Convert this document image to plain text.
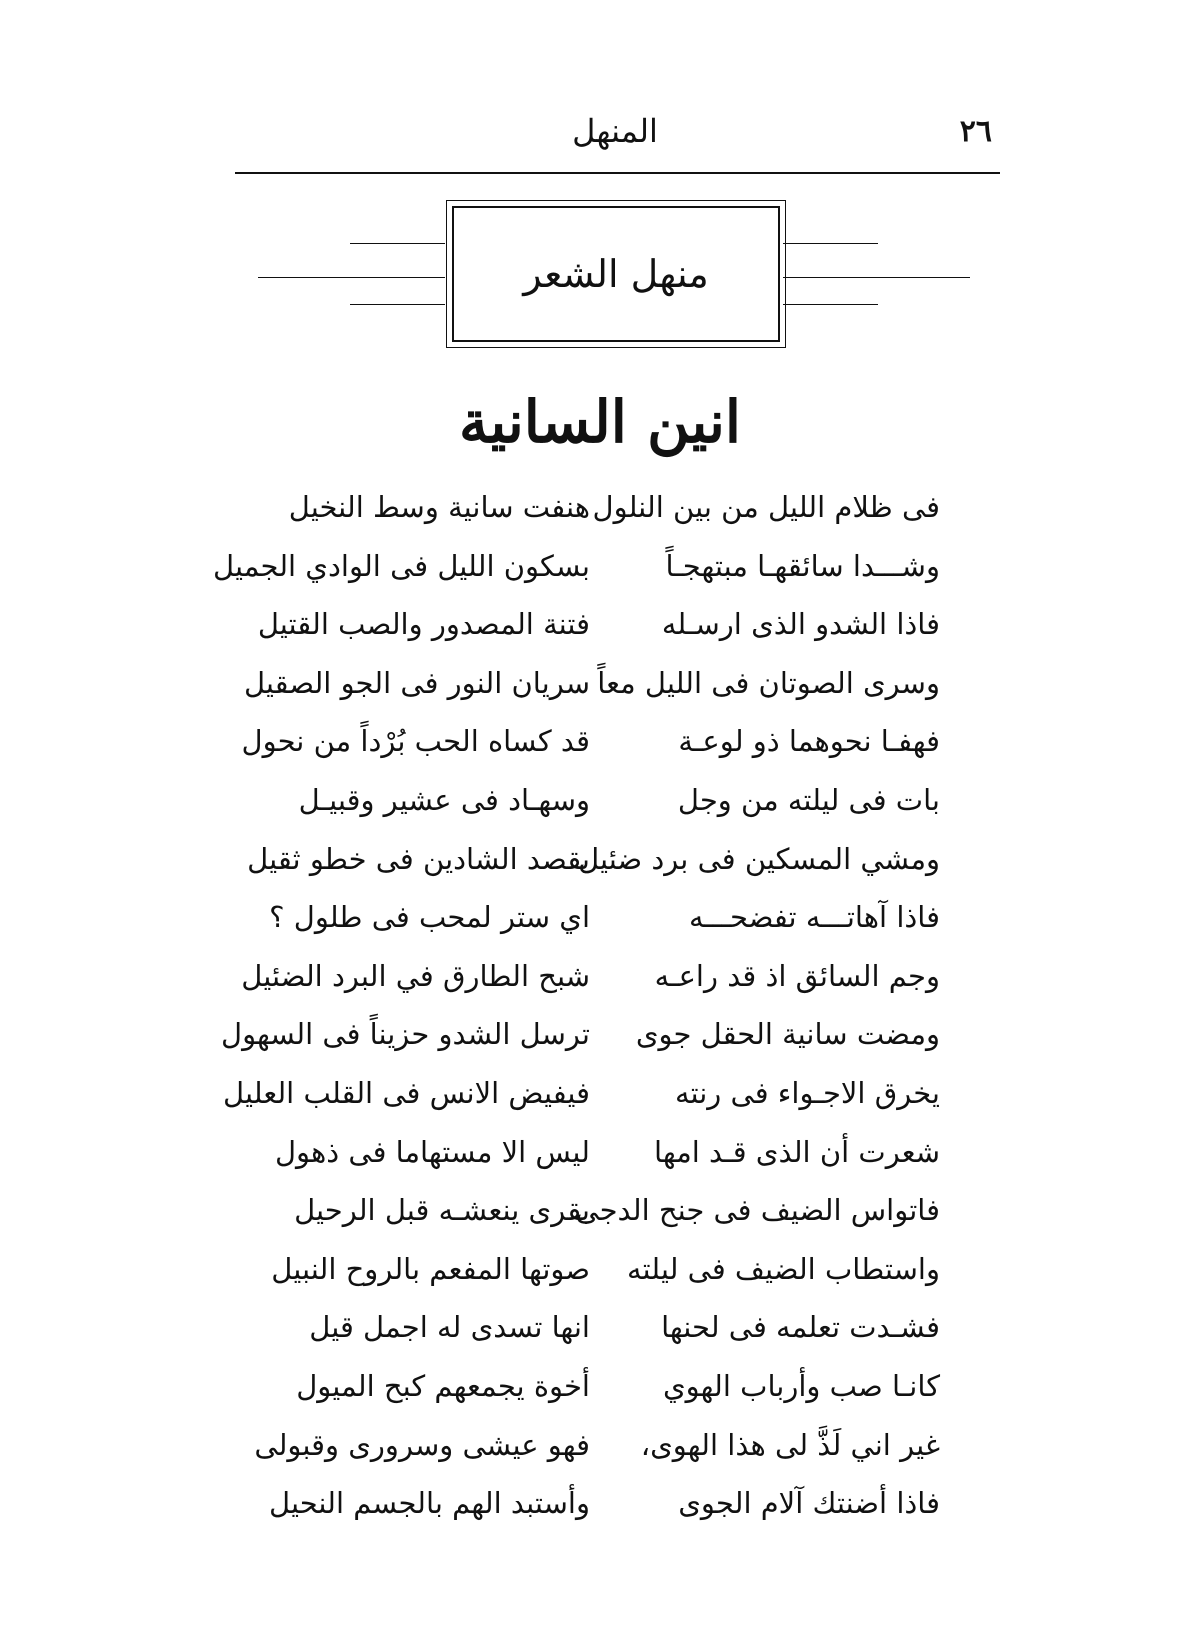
٢٦
المنهل
منهل الشعر
انين السانية
فى ظلام الليل من بين النلول
هنفت سانية وسط النخيل
وشـــدا سائقهـا مبتهجـاً
بسكون الليل فى الوادي الجميل
فاذا الشدو الذى ارسـله
فتنة المصدور والصب القتيل
وسرى الصوتان فى الليل معاً
سريان النور فى الجو الصقيل
فهفـا نحوهما ذو لوعـة
قد كساه الحب بُرْداً من نحول
بات فى ليلته من وجل
وسهـاد فى عشير وقبيـل
ومشي المسكين فى برد ضئيل
يقصد الشادين فى خطو ثقيل
فاذا آهاتـــه تفضحـــه
اي ستر لمحب فى طلول ؟
وجم السائق اذ قد راعـه
شبح الطارق في البرد الضئيل
ومضت سانية الحقل جوى
ترسل الشدو حزيناً فى السهول
يخرق الاجـواء فى رنته
فيفيض الانس فى القلب العليل
شعرت أن الذى قـد امها
ليس الا مستهاما فى ذهول
فاتواس الضيف فى جنح الدجى
بقرى ينعشـه قبل الرحيل
واستطاب الضيف فى ليلته
صوتها المفعم بالروح النبيل
فشـدت تعلمه فى لحنها
انها تسدى له اجمل قيل
كانـا صب وأرباب الهوي
أخوة يجمعهم كبح الميول
غير اني لَذَّ لى هذا الهوى،
فهو عيشى وسرورى وقبولى
فاذا أضنتك آلام الجوى
وأستبد الهم بالجسم النحيل
